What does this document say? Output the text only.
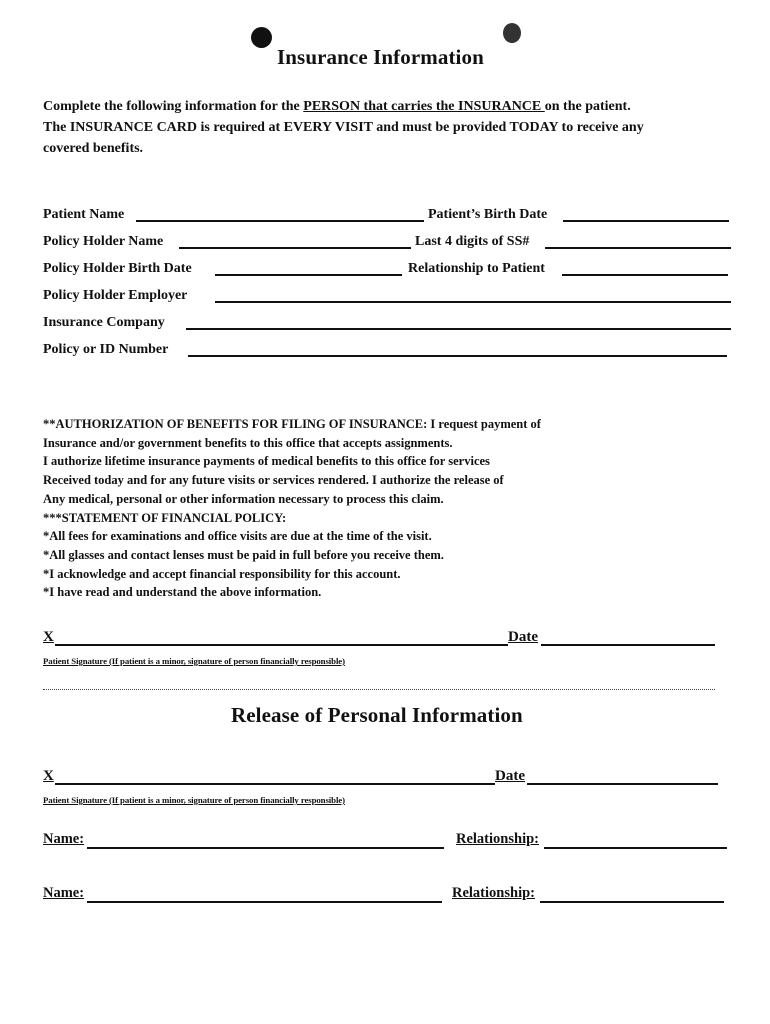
Insurance Information
Complete the following information for the PERSON that carries the INSURANCE on the patient.
The INSURANCE CARD is required at EVERY VISIT and must be provided TODAY to receive any
covered benefits.
Patient Name	Patient’s Birth Date
Policy Holder Name	Last 4 digits of SS#
Policy Holder Birth Date	Relationship to Patient
Policy Holder Employer
Insurance Company
Policy or ID Number
**AUTHORIZATION OF BENEFITS FOR FILING OF INSURANCE: I request payment of
Insurance and/or government benefits to this office that accepts assignments.
I authorize lifetime insurance payments of medical benefits to this office for services
Received today and for any future visits or services rendered. I authorize the release of
Any medical, personal or other information necessary to process this claim.
***STATEMENT OF FINANCIAL POLICY:
*All fees for examinations and office visits are due at the time of the visit.
*All glasses and contact lenses must be paid in full before you receive them.
*I acknowledge and accept financial responsibility for this account.
*I have read and understand the above information.
X	Date
Patient Signature (If patient is a minor, signature of person financially responsible)
Release of Personal Information
X	Date
Patient Signature (If patient is a minor, signature of person financially responsible)
Name:	Relationship:
Name:	Relationship:
